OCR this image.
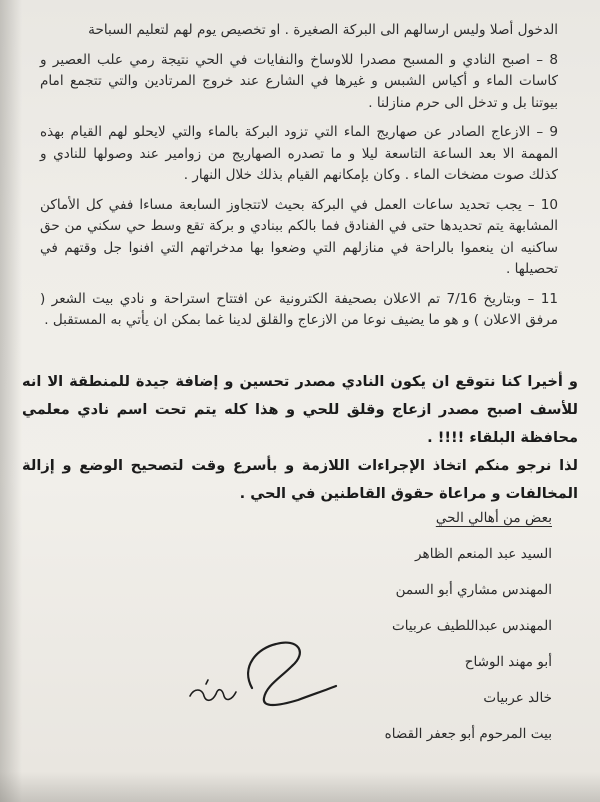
الدخول أصلا وليس ارسالهم الى البركة الصغيرة . او تخصيص يوم لهم لتعليم السباحة

8 – اصبح النادي و المسبح مصدرا للاوساخ والنفايات في الحي نتيجة رمي علب العصير و كاسات الماء و أكياس الشبس و غيرها في الشارع عند خروج المرتادين والتي تتجمع امام بيوتنا بل و تدخل الى حرم منازلنا .

9 – الازعاج الصادر عن صهاريج الماء التي تزود البركة بالماء والتي لايحلو لهم القيام بهذه المهمة الا بعد الساعة التاسعة ليلا و ما تصدره الصهاريج من زوامير عند وصولها للنادي و كذلك صوت مضخات الماء . وكان بإمكانهم القيام بذلك خلال النهار .

10 – يجب تحديد ساعات العمل في البركة بحيث لاتتجاوز السابعة مساءا ففي كل الأماكن المشابهة يتم تحديدها حتى في الفنادق فما بالكم ببنادي و بركة تقع وسط حي سكني من حق ساكنيه ان ينعموا بالراحة في منازلهم التي وضعوا بها مدخراتهم التي افنوا جل وقتهم في تحصيلها .

11 – وبتاريخ 7/16 تم الاعلان بصحيفة الكترونية عن افتتاح استراحة و نادي بيت الشعر ( مرفق الاعلان ) و هو ما يضيف نوعا من الازعاج والقلق لدينا غما بمكن ان يأتي به المستقبل .

و أخيرا كنا نتوقع ان يكون النادي مصدر تحسين و إضافة جيدة للمنطقة الا انه للأسف اصبح مصدر ازعاج وقلق للحي و هذا كله يتم تحت اسم نادي معلمي محافظة البلقاء !!!! .

لذا نرجو منكم اتخاذ الإجراءات اللازمة و بأسرع وقت لتصحيح الوضع و إزالة المخالفات و مراعاة حقوق القاطنين في الحي .

بعض من أهالي الحي
السيد عبد المنعم الظاهر
المهندس مشاري أبو السمن
المهندس عبداللطيف عربيات
أبو مهند الوشاح
خالد عربيات
بيت المرحوم أبو جعفر القضاه
